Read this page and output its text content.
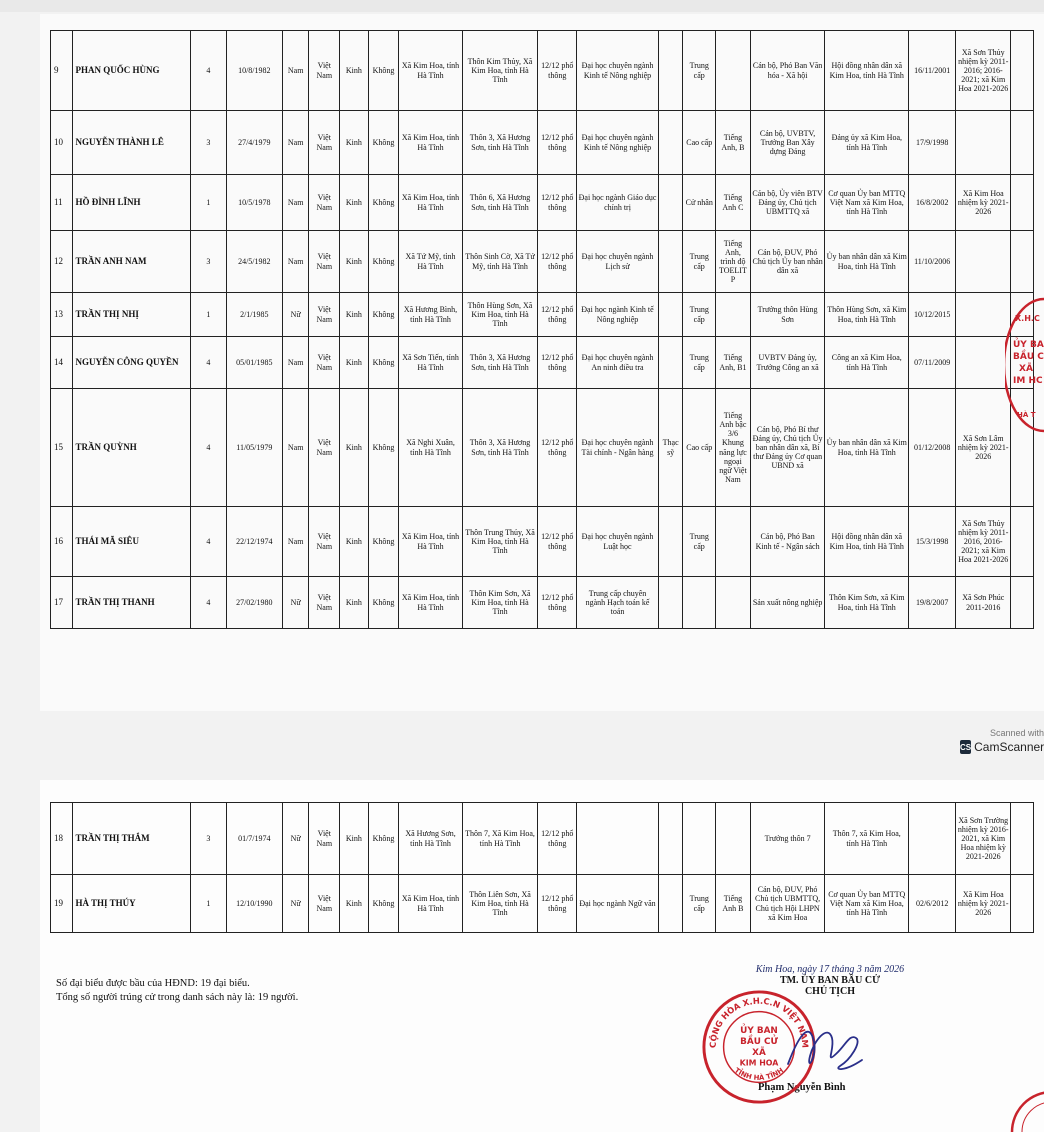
9	PHAN QUỐC HÙNG	4	10/8/1982	Nam	Việt Nam	Kinh	Không	Xã Kim Hoa, tỉnh Hà Tĩnh	Thôn Kim Thủy, Xã Kim Hoa, tỉnh Hà Tĩnh	12/12 phổ thông	Đại học chuyên ngành Kinh tế Nông nghiệp		Trung cấp		Cán bộ, Phó Ban Văn hóa - Xã hội	Hội đồng nhân dân xã Kim Hoa, tỉnh Hà Tĩnh	16/11/2001	Xã Sơn Thủy nhiệm kỳ 2011-2016; 2016-2021; xã Kim Hoa 2021-2026	
10	NGUYỄN THÀNH LÊ	3	27/4/1979	Nam	Việt Nam	Kinh	Không	Xã Kim Hoa, tỉnh Hà Tĩnh	Thôn 3, Xã Hương Sơn, tỉnh Hà Tĩnh	12/12 phổ thông	Đại học chuyên ngành Kinh tế Nông nghiệp		Cao cấp	Tiếng Anh, B	Cán bộ, UVBTV, Trưởng Ban Xây dựng Đảng	Đảng ủy xã Kim Hoa, tỉnh Hà Tĩnh	17/9/1998		
11	HỒ ĐÌNH LĨNH	1	10/5/1978	Nam	Việt Nam	Kinh	Không	Xã Kim Hoa, tỉnh Hà Tĩnh	Thôn 6, Xã Hương Sơn, tỉnh Hà Tĩnh	12/12 phổ thông	Đại học ngành Giáo dục chính trị		Cử nhân	Tiếng Anh C	Cán bộ, Ủy viên BTV Đảng ủy, Chủ tịch UBMTTQ xã	Cơ quan Ủy ban MTTQ Việt Nam xã Kim Hoa, tỉnh Hà Tĩnh	16/8/2002	Xã Kim Hoa nhiệm kỳ 2021-2026	
12	TRẦN ANH NAM	3	24/5/1982	Nam	Việt Nam	Kinh	Không	Xã Tứ Mỹ, tỉnh Hà Tĩnh	Thôn Sinh Cờ, Xã Tứ Mỹ, tỉnh Hà Tĩnh	12/12 phổ thông	Đại học chuyên ngành Lịch sử		Trung cấp	Tiếng Anh, trình độ TOELIT P	Cán bộ, ĐUV, Phó Chủ tịch Ủy ban nhân dân xã	Ủy ban nhân dân xã Kim Hoa, tỉnh Hà Tĩnh	11/10/2006		
13	TRẦN THỊ NHỊ	1	2/1/1985	Nữ	Việt Nam	Kinh	Không	Xã Hương Bình, tỉnh Hà Tĩnh	Thôn Hùng Sơn, Xã Kim Hoa, tỉnh Hà Tĩnh	12/12 phổ thông	Đại học ngành Kinh tế Nông nghiệp		Trung cấp		Trưởng thôn Hùng Sơn	Thôn Hùng Sơn, xã Kim Hoa, tỉnh Hà Tĩnh	10/12/2015		
14	NGUYỄN CÔNG QUYỀN	4	05/01/1985	Nam	Việt Nam	Kinh	Không	Xã Sơn Tiến, tỉnh Hà Tĩnh	Thôn 3, Xã Hương Sơn, tỉnh Hà Tĩnh	12/12 phổ thông	Đại học chuyên ngành An ninh điều tra		Trung cấp	Tiếng Anh, B1	UVBTV Đảng ủy, Trưởng Công an xã	Công an xã Kim Hoa, tỉnh Hà Tĩnh	07/11/2009		
15	TRẦN QUỲNH	4	11/05/1979	Nam	Việt Nam	Kinh	Không	Xã Nghi Xuân, tỉnh Hà Tĩnh	Thôn 3, Xã Hương Sơn, tỉnh Hà Tĩnh	12/12 phổ thông	Đại học chuyên ngành Tài chính - Ngân hàng	Thạc sỹ	Cao cấp	Tiếng Anh bậc 3/6 Khung năng lực ngoại ngữ Việt Nam	Cán bộ, Phó Bí thư Đảng ủy, Chủ tịch Ủy ban nhân dân xã, Bí thư Đảng ủy Cơ quan UBND xã	Ủy ban nhân dân xã Kim Hoa, tỉnh Hà Tĩnh	01/12/2008	Xã Sơn Lâm nhiệm kỳ 2021-2026	
16	THÁI MÃ SIÊU	4	22/12/1974	Nam	Việt Nam	Kinh	Không	Xã Kim Hoa, tỉnh Hà Tĩnh	Thôn Trung Thủy, Xã Kim Hoa, tỉnh Hà Tĩnh	12/12 phổ thông	Đại học chuyên ngành Luật học		Trung cấp		Cán bộ, Phó Ban Kinh tế - Ngân sách	Hội đồng nhân dân xã Kim Hoa, tỉnh Hà Tĩnh	15/3/1998	Xã Sơn Thủy nhiệm kỳ 2011-2016, 2016-2021; xã Kim Hoa 2021-2026	
17	TRẦN THỊ THANH	4	27/02/1980	Nữ	Việt Nam	Kinh	Không	Xã Kim Hoa, tỉnh Hà Tĩnh	Thôn Kim Sơn, Xã Kim Hoa, tỉnh Hà Tĩnh	12/12 phổ thông	Trung cấp chuyên ngành Hạch toán kế toán				Sản xuất nông nghiệp	Thôn Kim Sơn, xã Kim Hoa, tỉnh Hà Tĩnh	19/8/2007	Xã Sơn Phúc 2011-2016	
Scanned with
CS CamScanner
18	TRẦN THỊ THẮM	3	01/7/1974	Nữ	Việt Nam	Kinh	Không	Xã Hương Sơn, tỉnh Hà Tĩnh	Thôn 7, Xã Kim Hoa, tỉnh Hà Tĩnh	12/12 phổ thông					Trưởng thôn 7	Thôn 7, xã Kim Hoa, tỉnh Hà Tĩnh		Xã Sơn Trường nhiệm kỳ 2016-2021, xã Kim Hoa nhiệm kỳ 2021-2026	
19	HÀ THỊ THÚY	1	12/10/1990	Nữ	Việt Nam	Kinh	Không	Xã Kim Hoa, tỉnh Hà Tĩnh	Thôn Liên Sơn, Xã Kim Hoa, tỉnh Hà Tĩnh	12/12 phổ thông	Đại học ngành Ngữ văn		Trung cấp	Tiếng Anh B	Cán bộ, ĐUV, Phó Chủ tịch UBMTTQ, Chủ tịch Hội LHPN xã Kim Hoa	Cơ quan Ủy ban MTTQ Việt Nam xã Kim Hoa, tỉnh Hà Tĩnh	02/6/2012	Xã Kim Hoa nhiệm kỳ 2021-2026	
Số đại biểu được bầu của HĐND: 19 đại biểu.
Tổng số người trúng cử trong danh sách này là: 19 người.
Kim Hoa, ngày 17 tháng 3 năm 2026
TM. ỦY BAN BẦU CỬ
CHỦ TỊCH
Phạm Nguyễn Bình
CỘNG HÒA X.H.C.N VIỆT NAM
TỈNH HÀ TĨNH
ỦY BAN
BẦU CỬ
XÃ
KIM HOA
X.H.C
ỦY BA
BẦU C
XÃ
IM HC
HÀ T
